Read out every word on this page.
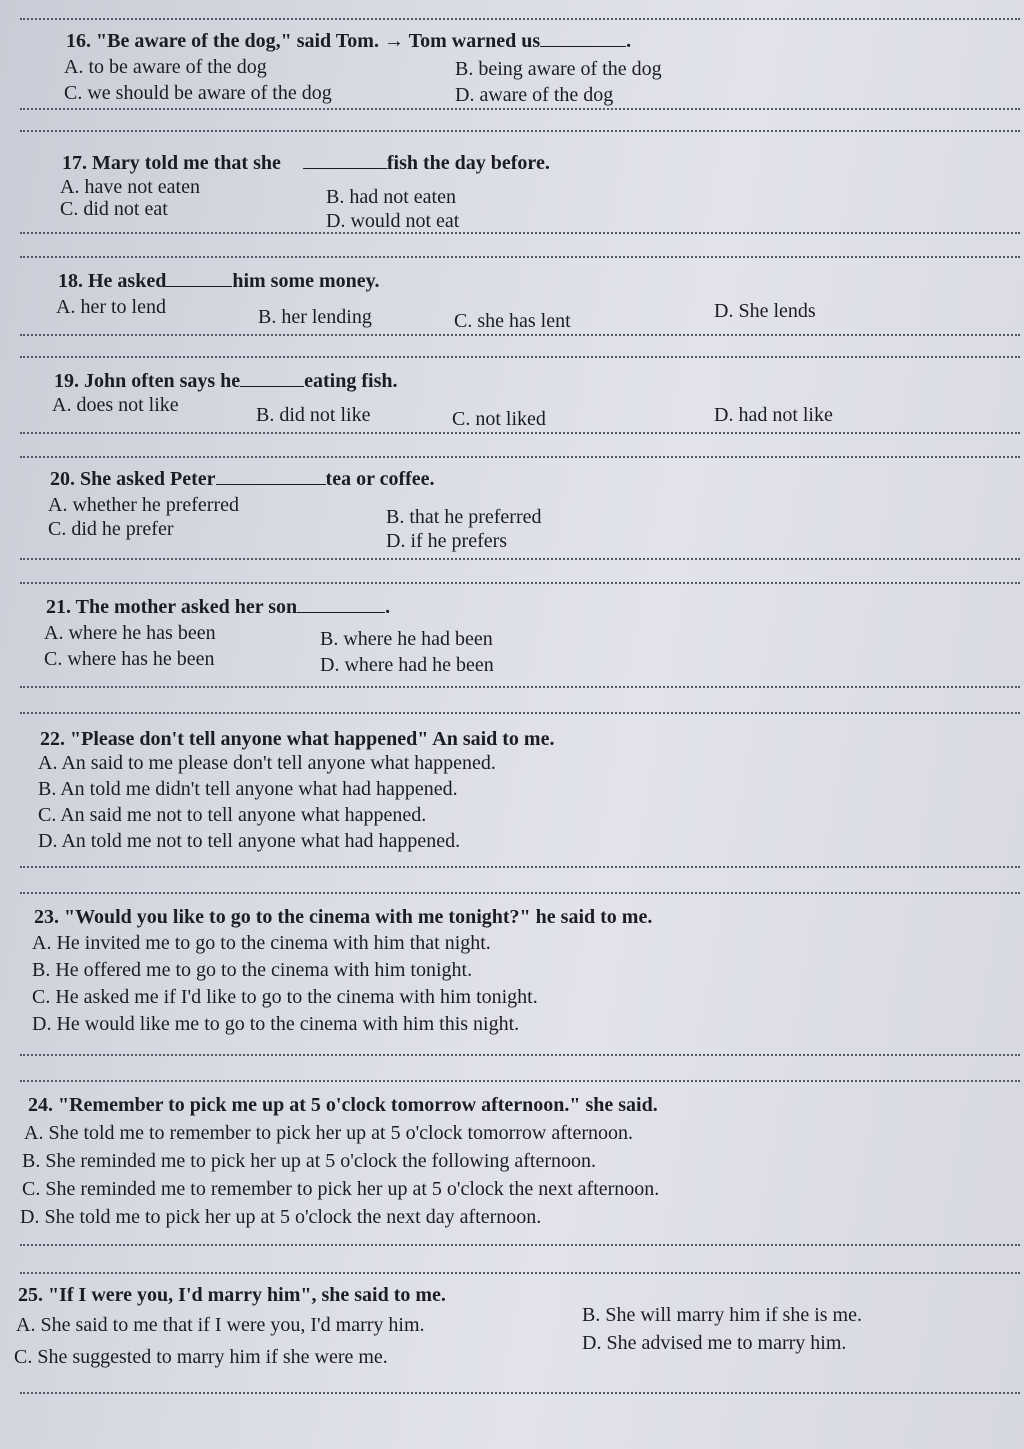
16. "Be aware of the dog," said Tom. → Tom warned us	.
A. to be aware of the dog	B. being aware of the dog
C. we should be aware of the dog	D. aware of the dog
17. Mary told me that she	fish the day before.
A. have not eaten	B. had not eaten
C. did not eat
D. would not eat
18. He asked	him some money.
A. her to lend	B. her lending	C. she has lent	D. She lends
19. John often says he	eating fish.
A. does not like	B. did not like	C. not liked	D. had not like
20. She asked Peter	tea or coffee.
A. whether he preferred
B. that he preferred
C. did he prefer
D. if he prefers
21. The mother asked her son	.
A. where he has been	B. where he had been
C. where has he been	D. where had he been
22. "Please don't tell anyone what happened" An said to me.
A. An said to me please don't tell anyone what happened.
B. An told me didn't tell anyone what had happened.
C. An said me not to tell anyone what happened.
D. An told me not to tell anyone what had happened.
23. "Would you like to go to the cinema with me tonight?" he said to me.
A. He invited me to go to the cinema with him that night.
B. He offered me to go to the cinema with him tonight.
C. He asked me if I'd like to go to the cinema with him tonight.
D. He would like me to go to the cinema with him this night.
24. "Remember to pick me up at 5 o'clock tomorrow afternoon." she said.
A. She told me to remember to pick her up at 5 o'clock tomorrow afternoon.
B. She reminded me to pick her up at 5 o'clock the following afternoon.
C. She reminded me to remember to pick her up at 5 o'clock the next afternoon.
D. She told me to pick her up at 5 o'clock the next day afternoon.
25. "If I were you, I'd marry him", she said to me.
A. She said to me that if I were you, I'd marry him.	B. She will marry him if she is me.
C. She suggested to marry him if she were me.
D. She advised me to marry him.
